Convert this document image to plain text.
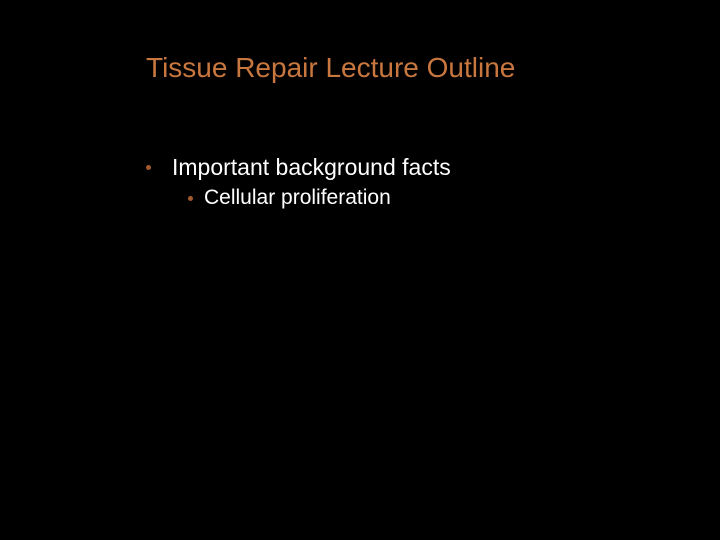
Tissue Repair Lecture Outline
Important background facts
Cellular proliferation
